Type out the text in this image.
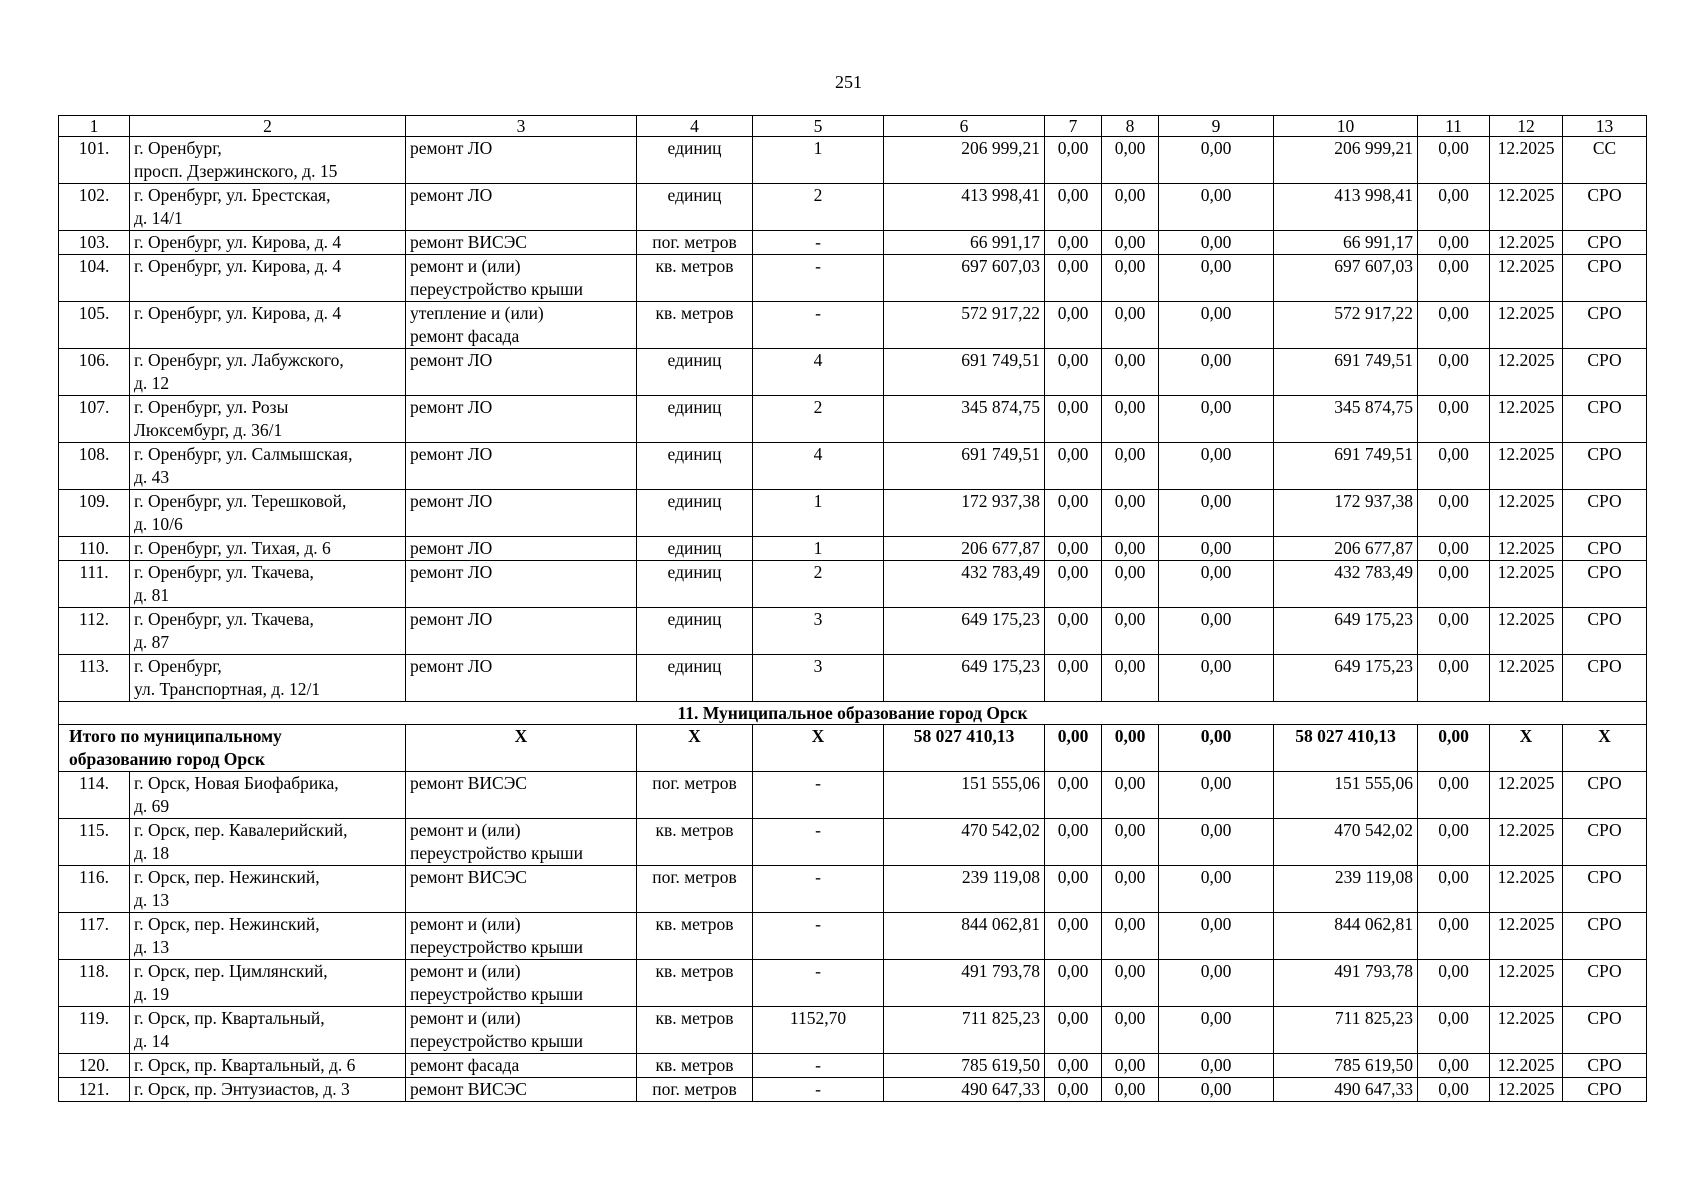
251
1	2	3	4	5	6	7	8	9	10	11	12	13
101.	г. Оренбург,
просп. Дзержинского, д. 15	ремонт ЛО	единиц	1	206 999,21	0,00	0,00	0,00	206 999,21	0,00	12.2025	СС
102.	г. Оренбург, ул. Брестская,
д. 14/1	ремонт ЛО	единиц	2	413 998,41	0,00	0,00	0,00	413 998,41	0,00	12.2025	СРО
103.	г. Оренбург, ул. Кирова, д. 4	ремонт ВИСЭС	пог. метров	-	66 991,17	0,00	0,00	0,00	66 991,17	0,00	12.2025	СРО
104.	г. Оренбург, ул. Кирова, д. 4	ремонт и (или)
переустройство крыши	кв. метров	-	697 607,03	0,00	0,00	0,00	697 607,03	0,00	12.2025	СРО
105.	г. Оренбург, ул. Кирова, д. 4	утепление и (или)
ремонт фасада	кв. метров	-	572 917,22	0,00	0,00	0,00	572 917,22	0,00	12.2025	СРО
106.	г. Оренбург, ул. Лабужского,
д. 12	ремонт ЛО	единиц	4	691 749,51	0,00	0,00	0,00	691 749,51	0,00	12.2025	СРО
107.	г. Оренбург, ул. Розы
Люксембург, д. 36/1	ремонт ЛО	единиц	2	345 874,75	0,00	0,00	0,00	345 874,75	0,00	12.2025	СРО
108.	г. Оренбург, ул. Салмышская,
д. 43	ремонт ЛО	единиц	4	691 749,51	0,00	0,00	0,00	691 749,51	0,00	12.2025	СРО
109.	г. Оренбург, ул. Терешковой,
д. 10/6	ремонт ЛО	единиц	1	172 937,38	0,00	0,00	0,00	172 937,38	0,00	12.2025	СРО
110.	г. Оренбург, ул. Тихая, д. 6	ремонт ЛО	единиц	1	206 677,87	0,00	0,00	0,00	206 677,87	0,00	12.2025	СРО
111.	г. Оренбург, ул. Ткачева,
д. 81	ремонт ЛО	единиц	2	432 783,49	0,00	0,00	0,00	432 783,49	0,00	12.2025	СРО
112.	г. Оренбург, ул. Ткачева,
д. 87	ремонт ЛО	единиц	3	649 175,23	0,00	0,00	0,00	649 175,23	0,00	12.2025	СРО
113.	г. Оренбург,
ул. Транспортная, д. 12/1	ремонт ЛО	единиц	3	649 175,23	0,00	0,00	0,00	649 175,23	0,00	12.2025	СРО
11. Муниципальное образование город Орск												
Итого по муниципальному
образованию город Орск		Х	Х	Х	58 027 410,13	0,00	0,00	0,00	58 027 410,13	0,00	Х	Х
114.	г. Орск, Новая Биофабрика,
д. 69	ремонт ВИСЭС	пог. метров	-	151 555,06	0,00	0,00	0,00	151 555,06	0,00	12.2025	СРО
115.	г. Орск, пер. Кавалерийский,
д. 18	ремонт и (или)
переустройство крыши	кв. метров	-	470 542,02	0,00	0,00	0,00	470 542,02	0,00	12.2025	СРО
116.	г. Орск, пер. Нежинский,
д. 13	ремонт ВИСЭС	пог. метров	-	239 119,08	0,00	0,00	0,00	239 119,08	0,00	12.2025	СРО
117.	г. Орск, пер. Нежинский,
д. 13	ремонт и (или)
переустройство крыши	кв. метров	-	844 062,81	0,00	0,00	0,00	844 062,81	0,00	12.2025	СРО
118.	г. Орск, пер. Цимлянский,
д. 19	ремонт и (или)
переустройство крыши	кв. метров	-	491 793,78	0,00	0,00	0,00	491 793,78	0,00	12.2025	СРО
119.	г. Орск, пр. Квартальный,
д. 14	ремонт и (или)
переустройство крыши	кв. метров	1152,70	711 825,23	0,00	0,00	0,00	711 825,23	0,00	12.2025	СРО
120.	г. Орск, пр. Квартальный, д. 6	ремонт фасада	кв. метров	-	785 619,50	0,00	0,00	0,00	785 619,50	0,00	12.2025	СРО
121.	г. Орск, пр. Энтузиастов, д. 3	ремонт ВИСЭС	пог. метров	-	490 647,33	0,00	0,00	0,00	490 647,33	0,00	12.2025	СРО
